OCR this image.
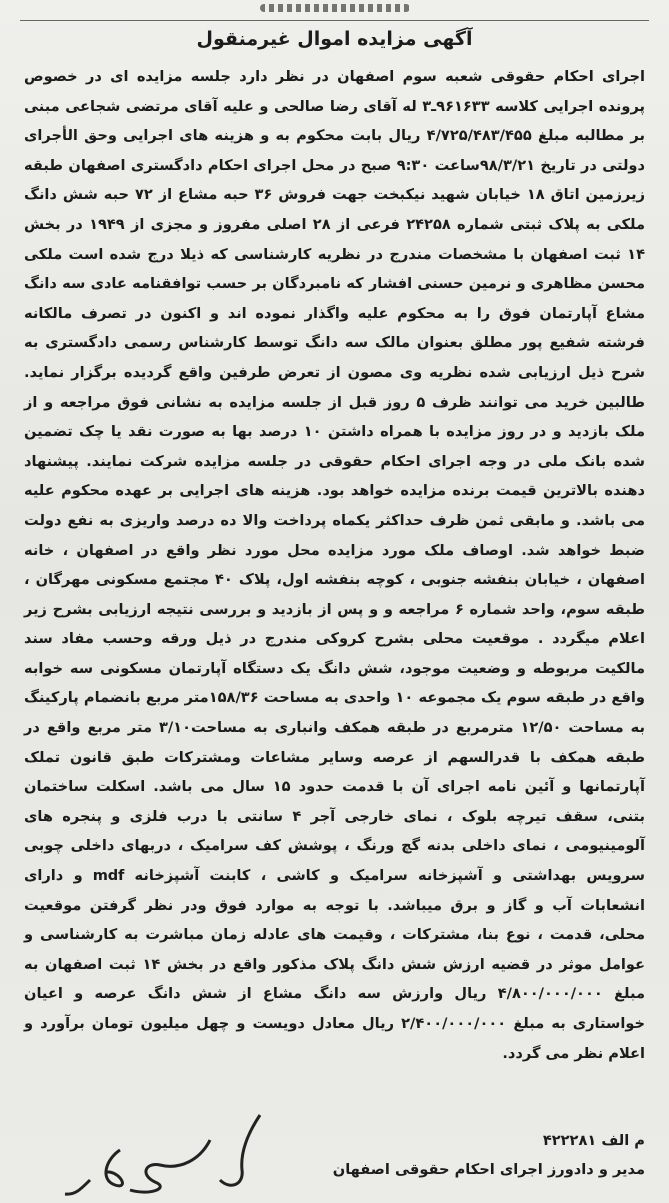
آگهی مزایده اموال غیرمنقول

اجرای احکام حقوقی شعبه سوم اصفهان در نظر دارد جلسه مزایده ای در خصوص پرونده اجرایی کلاسه ۹۶۱۶۳۳ـ۳ له آقای رضا صالحی و علیه آقای مرتضی شجاعی مبنی بر مطالبه مبلغ ۴/۷۲۵/۴۸۳/۴۵۵ ریال بابت محکوم به و هزینه های اجرایی وحق الأجرای دولتی در تاریخ ۹۸/۳/۲۱ساعت ۹:۳۰ صبح در محل اجرای احکام دادگستری اصفهان طبقه زیرزمین اتاق ۱۸ خیابان شهید نیکبخت جهت فروش ۳۶ حبه مشاع از ۷۲ حبه شش دانگ ملکی به پلاک ثبتی شماره ۲۴۲۵۸ فرعی از ۲۸ اصلی مفروز و مجزی از ۱۹۴۹ در بخش ۱۴ ثبت اصفهان با مشخصات مندرج در نظریه کارشناسی که ذیلا درج شده است ملکی محسن مظاهری و نرمین حسنی افشار که نامبردگان بر حسب توافقنامه عادی سه دانگ مشاع آپارتمان فوق را به محکوم علیه واگذار نموده اند و اکنون در تصرف مالکانه فرشته شفیع پور مطلق بعنوان مالک سه دانگ توسط کارشناس رسمی دادگستری به شرح ذیل ارزیابی شده نظریه وی مصون از تعرض طرفین واقع گردیده برگزار نماید. طالبین خرید می توانند ظرف ۵ روز قبل از جلسه مزایده به نشانی فوق مراجعه و از ملک بازدید و در روز مزایده با همراه داشتن ۱۰ درصد بها به صورت نقد یا چک تضمین شده بانک ملی در وجه اجرای احکام حقوقی در جلسه مزایده شرکت نمایند. پیشنهاد دهنده بالاترین قیمت برنده مزایده خواهد بود. هزینه های اجرایی بر عهده محکوم علیه می باشد. و مابقی ثمن ظرف حداکثر یکماه پرداخت والا ده درصد واریزی به نفع دولت ضبط خواهد شد. اوصاف ملک مورد مزایده محل مورد نظر واقع در اصفهان ، خانه اصفهان ، خیابان بنفشه جنوبی ، کوچه بنفشه اول، پلاک ۴۰ مجتمع مسکونی مهرگان ، طبقه سوم، واحد شماره ۶ مراجعه و و پس از بازدید و بررسی نتیجه ارزیابی بشرح زیر اعلام میگردد . موقعیت محلی بشرح کروکی مندرج در ذیل ورقه وحسب مفاد سند مالکیت مربوطه و وضعیت موجود، شش دانگ یک دستگاه آپارتمان مسکونی سه خوابه واقع در طبقه سوم یک مجموعه ۱۰ واحدی به مساحت ۱۵۸/۳۶متر مربع بانضمام پارکینگ به مساحت ۱۲/۵۰ مترمربع در طبقه همکف وانباری به مساحت۳/۱۰ متر مربع واقع در طبقه همکف با قدرالسهم از عرصه وسایر مشاعات ومشترکات طبق قانون تملک آپارتمانها و آئین نامه اجرای آن با قدمت حدود ۱۵ سال می باشد. اسکلت ساختمان بتنی، سقف تیرچه بلوک ، نمای خارجی آجر ۴ سانتی با درب فلزی و پنجره های آلومینیومی ، نمای داخلی بدنه گچ ورنگ ، پوشش کف سرامیک ، دربهای داخلی چوبی سرویس بهداشتی و آشپزخانه سرامیک و کاشی ، کابنت آشپزخانه mdf و دارای انشعابات آب و گاز و برق میباشد. با توجه به موارد فوق ودر نظر گرفتن موقعیت محلی، قدمت ، نوع بنا، مشترکات ، وقیمت های عادله زمان مباشرت به کارشناسی و عوامل موثر در قضیه ارزش شش دانگ پلاک مذکور واقع در بخش ۱۴ ثبت اصفهان به مبلغ ۴/۸۰۰/۰۰۰/۰۰۰ ریال وارزش سه دانگ مشاع از شش دانگ عرصه و اعیان خواستاری به مبلغ ۲/۴۰۰/۰۰۰/۰۰۰ ریال معادل دویست و چهل میلیون تومان برآورد و اعلام نظر می گردد.

م الف ۴۲۲۲۸۱
مدیر و دادورز اجرای احکام حقوقی اصفهان
